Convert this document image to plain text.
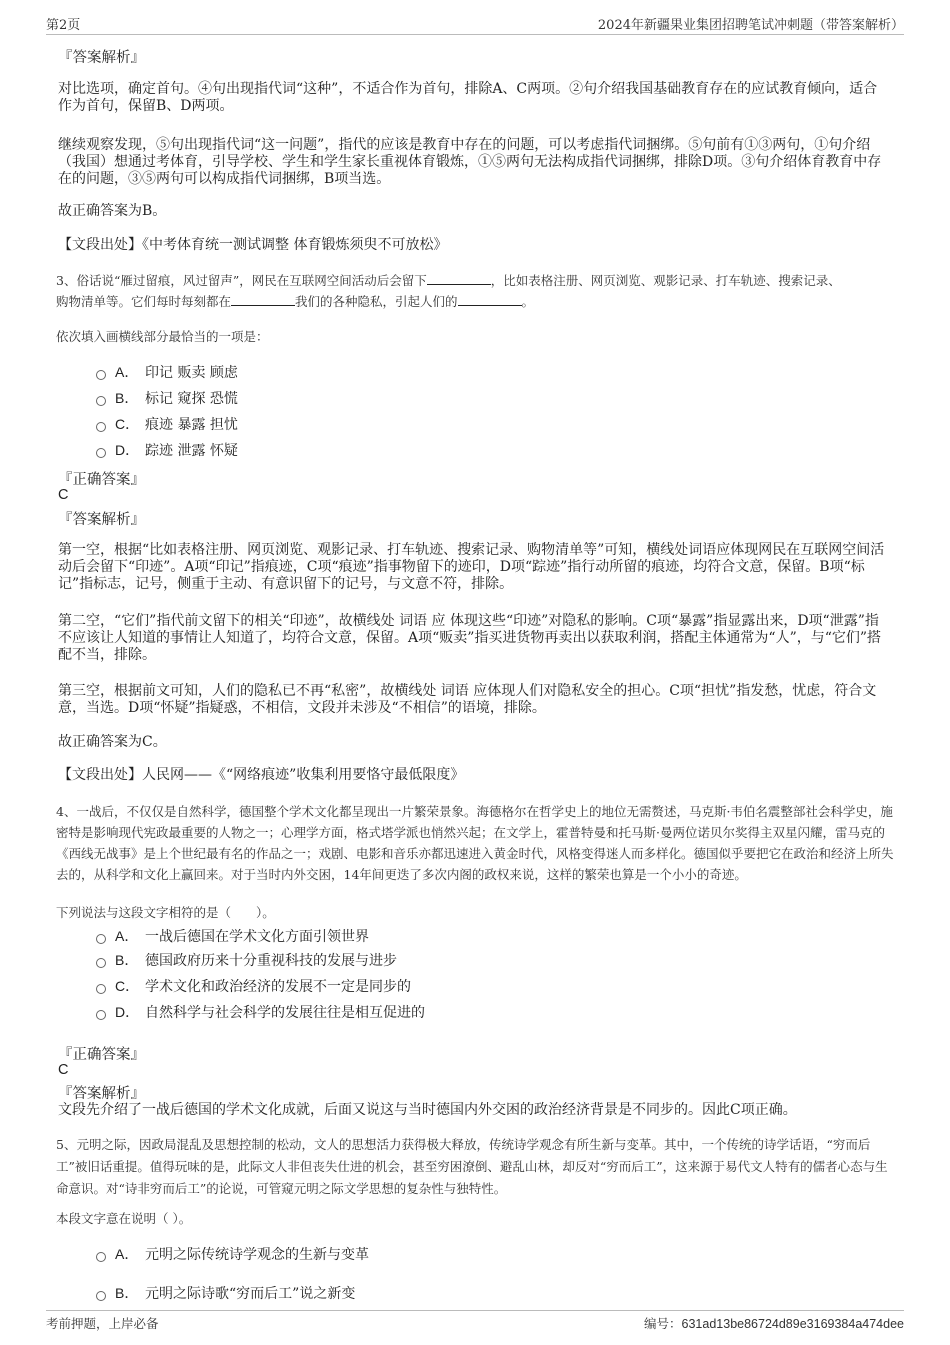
第2页	2024年新疆果业集团招聘笔试冲刺题（带答案解析）
『答案解析』
对比选项，确定首句。④句出现指代词“这种”，不适合作为首句，排除A、C两项。②句介绍我国基础教育存在的应试教育倾向，适合作为首句，保留B、D两项。
继续观察发现，⑤句出现指代词“这一问题”，指代的应该是教育中存在的问题，可以考虑指代词捆绑。⑤句前有①③两句，①句介绍（我国）想通过考体育，引导学校、学生和学生家长重视体育锻炼，①⑤两句无法构成指代词捆绑，排除D项。③句介绍体育教育中存在的问题，③⑤两句可以构成指代词捆绑，B项当选。
故正确答案为B。
【文段出处】《中考体育统一测试调整 体育锻炼须臾不可放松》
3、俗话说“雁过留痕，风过留声”，网民在互联网空间活动后会留下	，比如表格注册、网页浏览、观影记录、打车轨迹、搜索记录、
购物清单等。它们每时每刻都在	我们的各种隐私，引起人们的	。
依次填入画横线部分最恰当的一项是：
A． 印记 贩卖 顾虑
B． 标记 窥探 恐慌
C． 痕迹 暴露 担忧
D． 踪迹 泄露 怀疑
『正确答案』
C
『答案解析』
第一空，根据“比如表格注册、网页浏览、观影记录、打车轨迹、搜索记录、购物清单等”可知，横线处词语应体现网民在互联网空间活动后会留下“印迹”。A项“印记”指痕迹，C项“痕迹”指事物留下的迹印，D项“踪迹”指行动所留的痕迹，均符合文意，保留。B项“标记”指标志，记号，侧重于主动、有意识留下的记号，与文意不符，排除。
第二空，“它们”指代前文留下的相关“印迹”，故横线处 词语 应 体现这些“印迹”对隐私的影响。C项“暴露”指显露出来，D项“泄露”指不应该让人知道的事情让人知道了，均符合文意，保留。A项“贩卖”指买进货物再卖出以获取利润，搭配主体通常为“人”，与“它们”搭配不当，排除。
第三空，根据前文可知，人们的隐私已不再“私密”，故横线处 词语 应体现人们对隐私安全的担心。C项“担忧”指发愁，忧虑，符合文意，当选。D项“怀疑”指疑惑，不相信，文段并未涉及“不相信”的语境，排除。
故正确答案为C。
【文段出处】人民网——《“网络痕迹”收集利用要恪守最低限度》
4、一战后，不仅仅是自然科学，德国整个学术文化都呈现出一片繁荣景象。海德格尔在哲学史上的地位无需赘述，马克斯·韦伯名震整部社会科学史，施密特是影响现代宪政最重要的人物之一；心理学方面，格式塔学派也悄然兴起；在文学上，霍普特曼和托马斯·曼两位诺贝尔奖得主双星闪耀，雷马克的《西线无战事》是上个世纪最有名的作品之一；戏剧、电影和音乐亦都迅速进入黄金时代，风格变得迷人而多样化。德国似乎要把它在政治和经济上所失去的，从科学和文化上赢回来。对于当时内外交困，14年间更迭了多次内阁的政权来说，这样的繁荣也算是一个小小的奇迹。
下列说法与这段文字相符的是（　　）。
A． 一战后德国在学术文化方面引领世界
B． 德国政府历来十分重视科技的发展与进步
C． 学术文化和政治经济的发展不一定是同步的
D． 自然科学与社会科学的发展往往是相互促进的
『正确答案』
C
『答案解析』
文段先介绍了一战后德国的学术文化成就，后面又说这与当时德国内外交困的政治经济背景是不同步的。因此C项正确。
5、元明之际，因政局混乱及思想控制的松动，文人的思想活力获得极大释放，传统诗学观念有所生新与变革。其中，一个传统的诗学话语，“穷而后工”被旧话重提。值得玩味的是，此际文人非但丧失仕进的机会，甚至穷困潦倒、避乱山林，却反对“穷而后工”，这来源于易代文人特有的儒者心态与生命意识。对“诗非穷而后工”的论说，可管窥元明之际文学思想的复杂性与独特性。
本段文字意在说明（ ）。
A． 元明之际传统诗学观念的生新与变革
B． 元明之际诗歌“穷而后工”说之新变
考前押题，上岸必备	编号：631ad13be86724d89e3169384a474dee
